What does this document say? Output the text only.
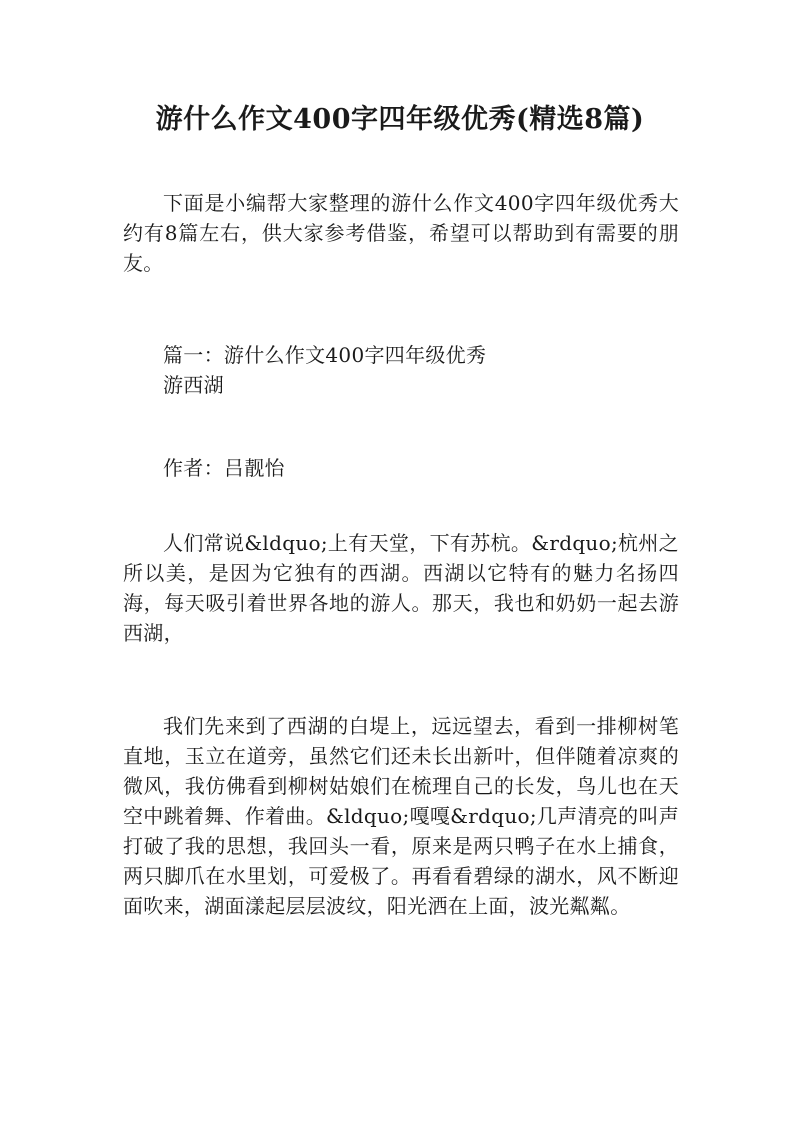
游什么作文400字四年级优秀(精选8篇)

下面是小编帮大家整理的游什么作文400字四年级优秀大约有8篇左右，供大家参考借鉴，希望可以帮助到有需要的朋友。

篇一：游什么作文400字四年级优秀

游西湖

作者：吕靓怡

人们常说&ldquo;上有天堂，下有苏杭。&rdquo;杭州之所以美，是因为它独有的西湖。西湖以它特有的魅力名扬四海，每天吸引着世界各地的游人。那天，我也和奶奶一起去游西湖，

我们先来到了西湖的白堤上，远远望去，看到一排柳树笔直地，玉立在道旁，虽然它们还未长出新叶，但伴随着凉爽的微风，我仿佛看到柳树姑娘们在梳理自己的长发，鸟儿也在天空中跳着舞、作着曲。&ldquo;嘎嘎&rdquo;几声清亮的叫声打破了我的思想，我回头一看，原来是两只鸭子在水上捕食，两只脚爪在水里划，可爱极了。再看看碧绿的湖水，风不断迎面吹来，湖面漾起层层波纹，阳光洒在上面，波光粼粼。
